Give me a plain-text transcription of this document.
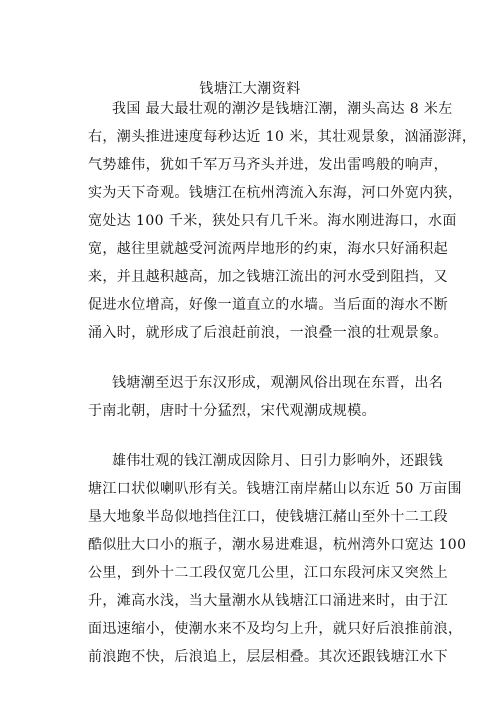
钱塘江大潮资料
我国 最大最壮观的潮汐是钱塘江潮，潮头高达 8 米左
右，潮头推进速度每秒达近 10 米，其壮观景象，汹涌澎湃，
气势雄伟，犹如千军万马齐头并进，发出雷鸣般的响声，
实为天下奇观。钱塘江在杭州湾流入东海，河口外宽内狭，
宽处达 100 千米，狭处只有几千米。海水刚进海口，水面
宽，越往里就越受河流两岸地形的约束，海水只好涌积起
来，并且越积越高，加之钱塘江流出的河水受到阻挡，又
促进水位增高，好像一道直立的水墙。当后面的海水不断
涌入时，就形成了后浪赶前浪，一浪叠一浪的壮观景象。
钱塘潮至迟于东汉形成，观潮风俗出现在东晋，出名
于南北朝，唐时十分猛烈，宋代观潮成规模。
雄伟壮观的钱江潮成因除月、日引力影响外，还跟钱
塘江口状似喇叭形有关。钱塘江南岸赭山以东近 50 万亩围
垦大地象半岛似地挡住江口，使钱塘江赭山至外十二工段
酷似肚大口小的瓶子，潮水易进难退，杭州湾外口宽达 100
公里，到外十二工段仅宽几公里，江口东段河床又突然上
升，滩高水浅，当大量潮水从钱塘江口涌进来时，由于江
面迅速缩小，使潮水来不及均匀上升，就只好后浪推前浪，
前浪跑不快，后浪追上，层层相叠。其次还跟钱塘江水下
